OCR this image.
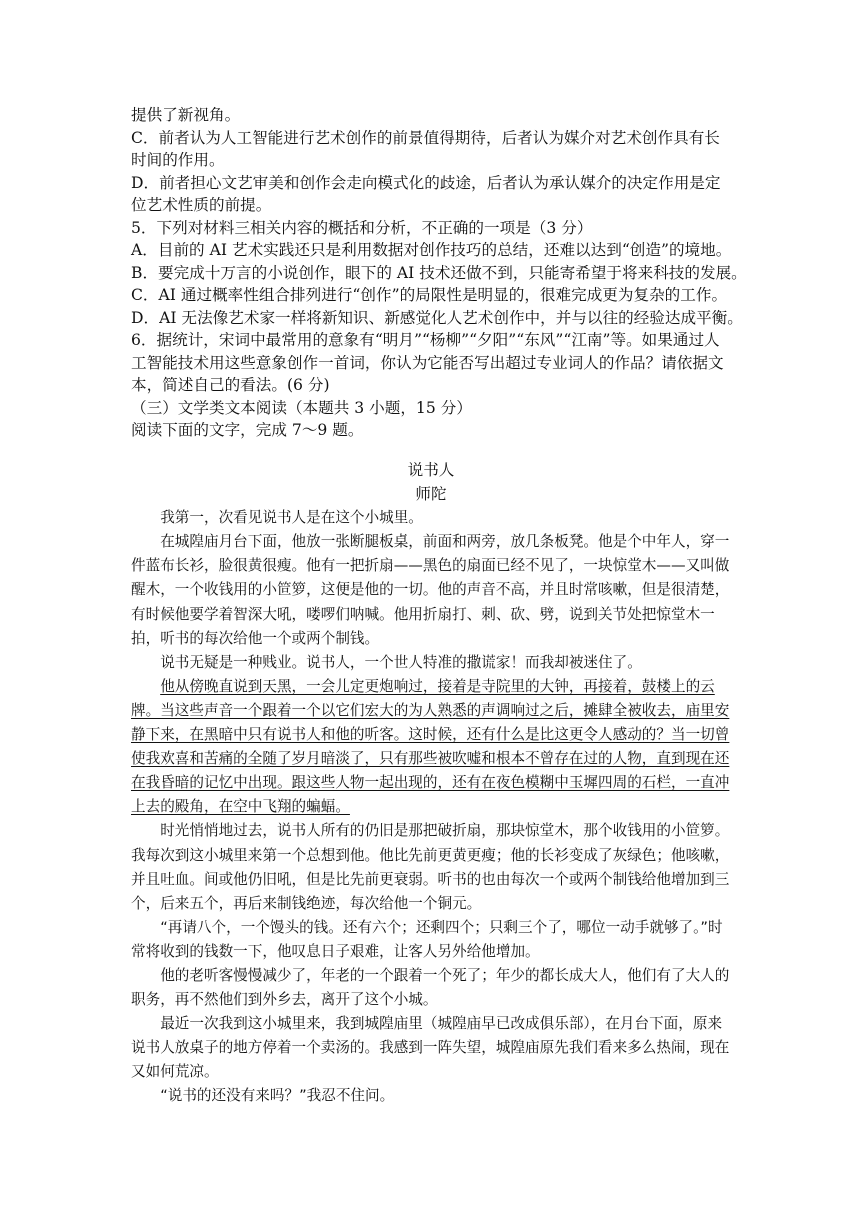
提供了新视角。

C．前者认为人工智能进行艺术创作的前景值得期待，后者认为媒介对艺术创作具有长时间的作用。

D．前者担心文艺审美和创作会走向模式化的歧途，后者认为承认媒介的决定作用是定位艺术性质的前提。

5．下列对材料三相关内容的概括和分析，不正确的一项是（3 分）

A．目前的 AI 艺术实践还只是利用数据对创作技巧的总结，还难以达到“创造”的境地。

B．要完成十万言的小说创作，眼下的 AI 技术还做不到，只能寄希望于将来科技的发展。

C．AI 通过概率性组合排列进行“创作”的局限性是明显的，很难完成更为复杂的工作。

D．AI 无法像艺术家一样将新知识、新感觉化人艺术创作中，并与以往的经验达成平衡。

6．据统计，宋词中最常用的意象有“明月”“杨柳”“夕阳”“东风”“江南”等。如果通过人工智能技术用这些意象创作一首词，你认为它能否写出超过专业词人的作品？请依据文本，简述自己的看法。(6 分)

（三）文学类文本阅读（本题共 3 小题，15 分）

阅读下面的文字，完成 7～9 题。

说书人

师陀

我第一，次看见说书人是在这个小城里。

在城隍庙月台下面，他放一张断腿板桌，前面和两旁，放几条板凳。他是个中年人，穿一件蓝布长衫，脸很黄很瘦。他有一把折扇——黑色的扇面已经不见了，一块惊堂木——又叫做醒木，一个收钱用的小笸箩，这便是他的一切。他的声音不高，并且时常咳嗽，但是很清楚，有时候他要学着智深大吼，喽啰们呐喊。他用折扇打、刺、砍、劈，说到关节处把惊堂木一拍，听书的每次给他一个或两个制钱。

说书无疑是一种贱业。说书人，一个世人特准的撒谎家！而我却被迷住了。

他从傍晚直说到天黑，一会儿定更炮响过，接着是寺院里的大钟，再接着，鼓楼上的云牌。当这些声音一个跟着一个以它们宏大的为人熟悉的声调响过之后，摊肆全被收去，庙里安静下来，在黑暗中只有说书人和他的听客。这时候，还有什么是比这更令人感动的？当一切曾使我欢喜和苦痛的全随了岁月暗淡了，只有那些被吹嘘和根本不曾存在过的人物，直到现在还在我昏暗的记忆中出现。跟这些人物一起出现的，还有在夜色模糊中玉墀四周的石栏，一直冲上去的殿角，在空中飞翔的蝙蝠。

时光悄悄地过去，说书人所有的仍旧是那把破折扇，那块惊堂木，那个收钱用的小笸箩。我每次到这小城里来第一个总想到他。他比先前更黄更瘦；他的长衫变成了灰绿色；他咳嗽，并且吐血。间或他仍旧吼，但是比先前更衰弱。听书的也由每次一个或两个制钱给他增加到三个，后来五个，再后来制钱绝迹，每次给他一个铜元。

“再请八个，一个馒头的钱。还有六个；还剩四个；只剩三个了，哪位一动手就够了。”时常将收到的钱数一下，他叹息日子艰难，让客人另外给他增加。

他的老听客慢慢减少了，年老的一个跟着一个死了；年少的都长成大人，他们有了大人的职务，再不然他们到外乡去，离开了这个小城。

最近一次我到这小城里来，我到城隍庙里（城隍庙早已改成俱乐部），在月台下面，原来说书人放桌子的地方停着一个卖汤的。我感到一阵失望，城隍庙原先我们看来多么热闹，现在又如何荒凉。

“说书的还没有来吗？”我忍不住问。
